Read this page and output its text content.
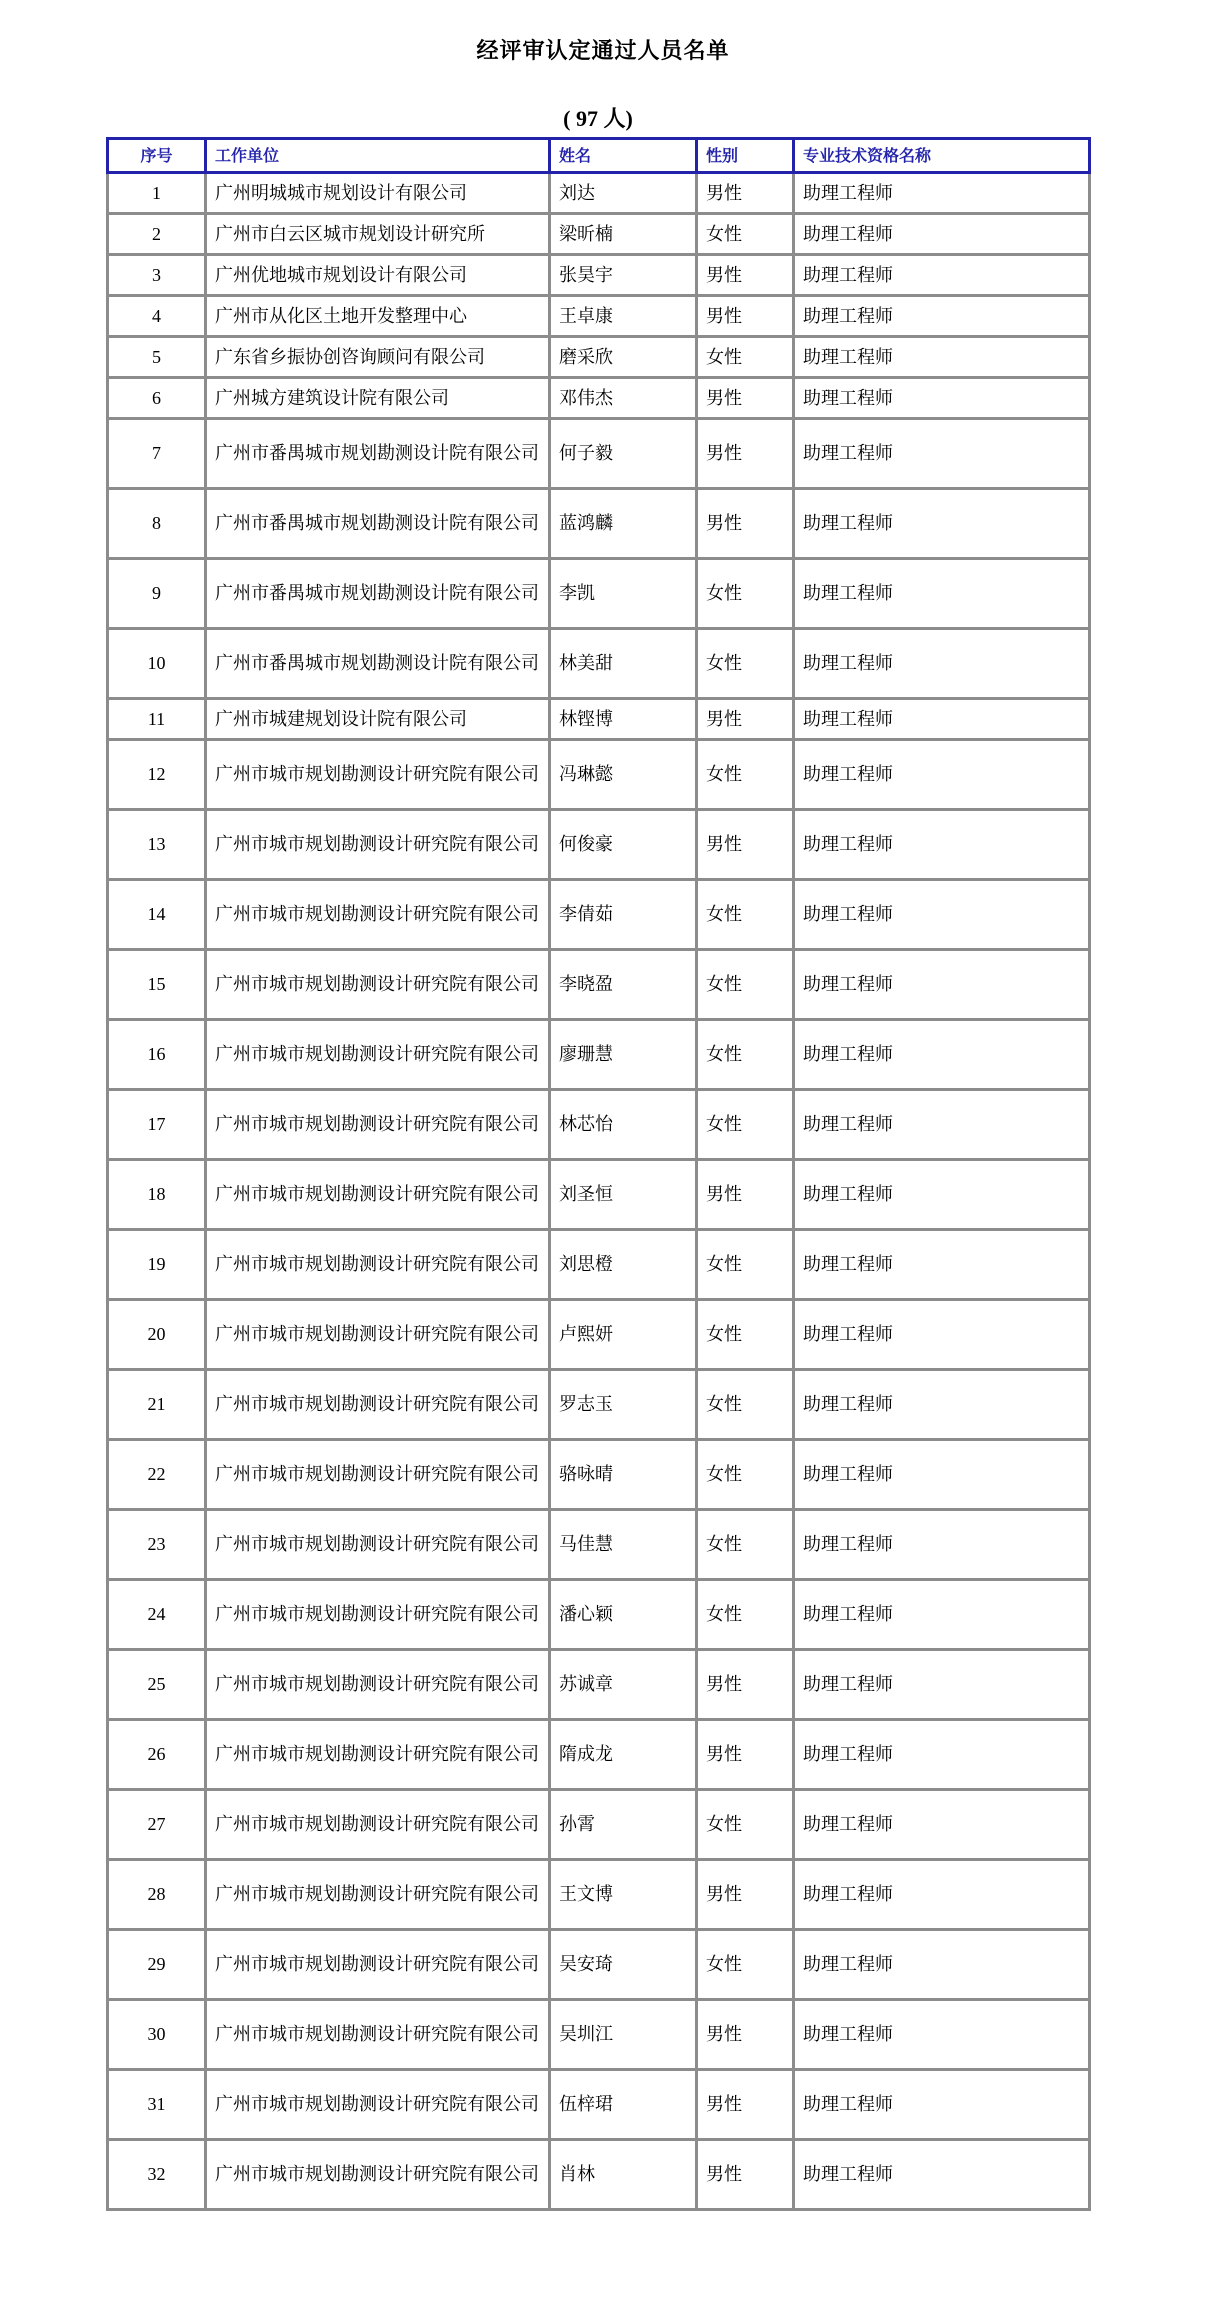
经评审认定通过人员名单
( 97 人)
序号	工作单位	姓名	性别	专业技术资格名称
1	广州明城城市规划设计有限公司	刘达	男性	助理工程师
2	广州市白云区城市规划设计研究所	梁昕楠	女性	助理工程师
3	广州优地城市规划设计有限公司	张昊宇	男性	助理工程师
4	广州市从化区土地开发整理中心	王卓康	男性	助理工程师
5	广东省乡振协创咨询顾问有限公司	磨采欣	女性	助理工程师
6	广州城方建筑设计院有限公司	邓伟杰	男性	助理工程师
7	广州市番禺城市规划勘测设计院有限公司	何子毅	男性	助理工程师
8	广州市番禺城市规划勘测设计院有限公司	蓝鸿麟	男性	助理工程师
9	广州市番禺城市规划勘测设计院有限公司	李凯	女性	助理工程师
10	广州市番禺城市规划勘测设计院有限公司	林美甜	女性	助理工程师
11	广州市城建规划设计院有限公司	林铿博	男性	助理工程师
12	广州市城市规划勘测设计研究院有限公司	冯琳懿	女性	助理工程师
13	广州市城市规划勘测设计研究院有限公司	何俊豪	男性	助理工程师
14	广州市城市规划勘测设计研究院有限公司	李倩茹	女性	助理工程师
15	广州市城市规划勘测设计研究院有限公司	李晓盈	女性	助理工程师
16	广州市城市规划勘测设计研究院有限公司	廖珊慧	女性	助理工程师
17	广州市城市规划勘测设计研究院有限公司	林芯怡	女性	助理工程师
18	广州市城市规划勘测设计研究院有限公司	刘圣恒	男性	助理工程师
19	广州市城市规划勘测设计研究院有限公司	刘思橙	女性	助理工程师
20	广州市城市规划勘测设计研究院有限公司	卢熙妍	女性	助理工程师
21	广州市城市规划勘测设计研究院有限公司	罗志玉	女性	助理工程师
22	广州市城市规划勘测设计研究院有限公司	骆咏晴	女性	助理工程师
23	广州市城市规划勘测设计研究院有限公司	马佳慧	女性	助理工程师
24	广州市城市规划勘测设计研究院有限公司	潘心颖	女性	助理工程师
25	广州市城市规划勘测设计研究院有限公司	苏诚章	男性	助理工程师
26	广州市城市规划勘测设计研究院有限公司	隋成龙	男性	助理工程师
27	广州市城市规划勘测设计研究院有限公司	孙霄	女性	助理工程师
28	广州市城市规划勘测设计研究院有限公司	王文博	男性	助理工程师
29	广州市城市规划勘测设计研究院有限公司	吴安琦	女性	助理工程师
30	广州市城市规划勘测设计研究院有限公司	吴圳江	男性	助理工程师
31	广州市城市规划勘测设计研究院有限公司	伍梓珺	男性	助理工程师
32	广州市城市规划勘测设计研究院有限公司	肖林	男性	助理工程师
